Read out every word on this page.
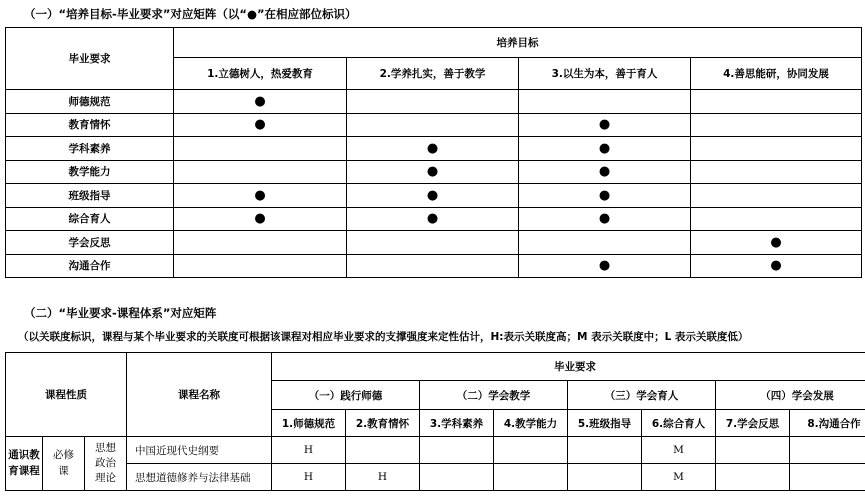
（一）“培养目标-毕业要求”对应矩阵（以“●”在相应部位标识）
毕业要求	培养目标			
	1.立德树人，热爱教育	2.学养扎实，善于教学	3.以生为本，善于育人	4.善思能研，协同发展
师德规范	●			
教育情怀	●		●	
学科素养		●	●	
教学能力		●	●	
班级指导	●	●	●	
综合育人	●	●	●	
学会反思				●
沟通合作			●	●
（二）“毕业要求-课程体系”对应矩阵
（以关联度标识，课程与某个毕业要求的关联度可根据该课程对相应毕业要求的支撑强度来定性估计，H:表示关联度高；M 表示关联度中；L 表示关联度低）
课程性质			课程名称	毕业要求							
				（一）践行师德		（二）学会教学		（三）学会育人		（四）学会发展	
				1.师德规范	2.教育情怀	3.学科素养	4.教学能力	5.班级指导	6.综合育人	7.学会反思	8.沟通合作
通识教育课程	必修课	思想政治理论	中国近现代史纲要	H					M		
			思想道德修养与法律基础	H	H				M		
